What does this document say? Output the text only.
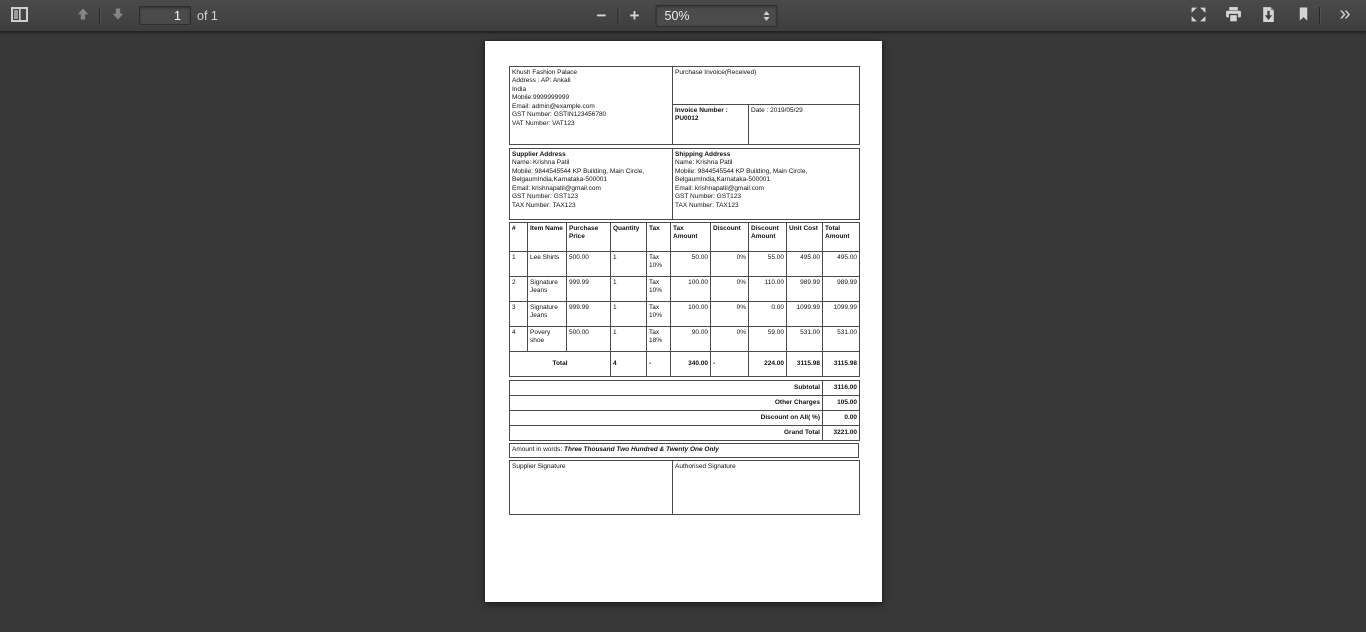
1
of 1	−	+	50%	»
Khush Fashion Palace
Address : AP: Ankali
India
Mobile:9999999999
Email: admin@example.com
GST Number: GSTIN123456780
VAT Number: VAT123
	Purchase Invoice(Received)

	Invoice Number :
PU0012	Date : 2019/05/29
Supplier Address
Name: Krishna Patil
Mobile: 9844545544 KP Building, Main Circle, BelgaumIndia,Karnataka-500001
Email: krishnapatil@gmail.com
GST Number: GST123
TAX Number: TAX123

Shipping Address
Name: Krishna Patil
Mobile: 9844545544 KP Building, Main Circle, BelgaumIndia,Karnataka-500001
Email: krishnapatil@gmail.com
GST Number: GST123
TAX Number: TAX123
#	Item Name	Purchase Price	Quantity	Tax	Tax Amount	Discount	Discount Amount	Unit Cost	Total Amount
1	Lee Shirts	500.00	1	Tax 10%	50.00	0%	55.00	495.00	495.00
2	Signature Jeans	999.99	1	Tax 10%	100.00	0%	110.00	989.99	989.99
3	Signature Jeans	999.99	1	Tax 10%	100.00	0%	0.00	1099.99	1099.99
4	Povery shoe	500.00	1	Tax 18%	90.00	0%	59.00	531.00	531.00
Total			4	-	340.00	-	224.00	3115.98	3115.98
Subtotal	3116.00
Other Charges	105.00
Discount on All( %)	0.00
Grand Total	3221.00
Amount in words: Three Thousand Two Hundred & Twenty One Only
Supplier Signature	Authorised Signature
